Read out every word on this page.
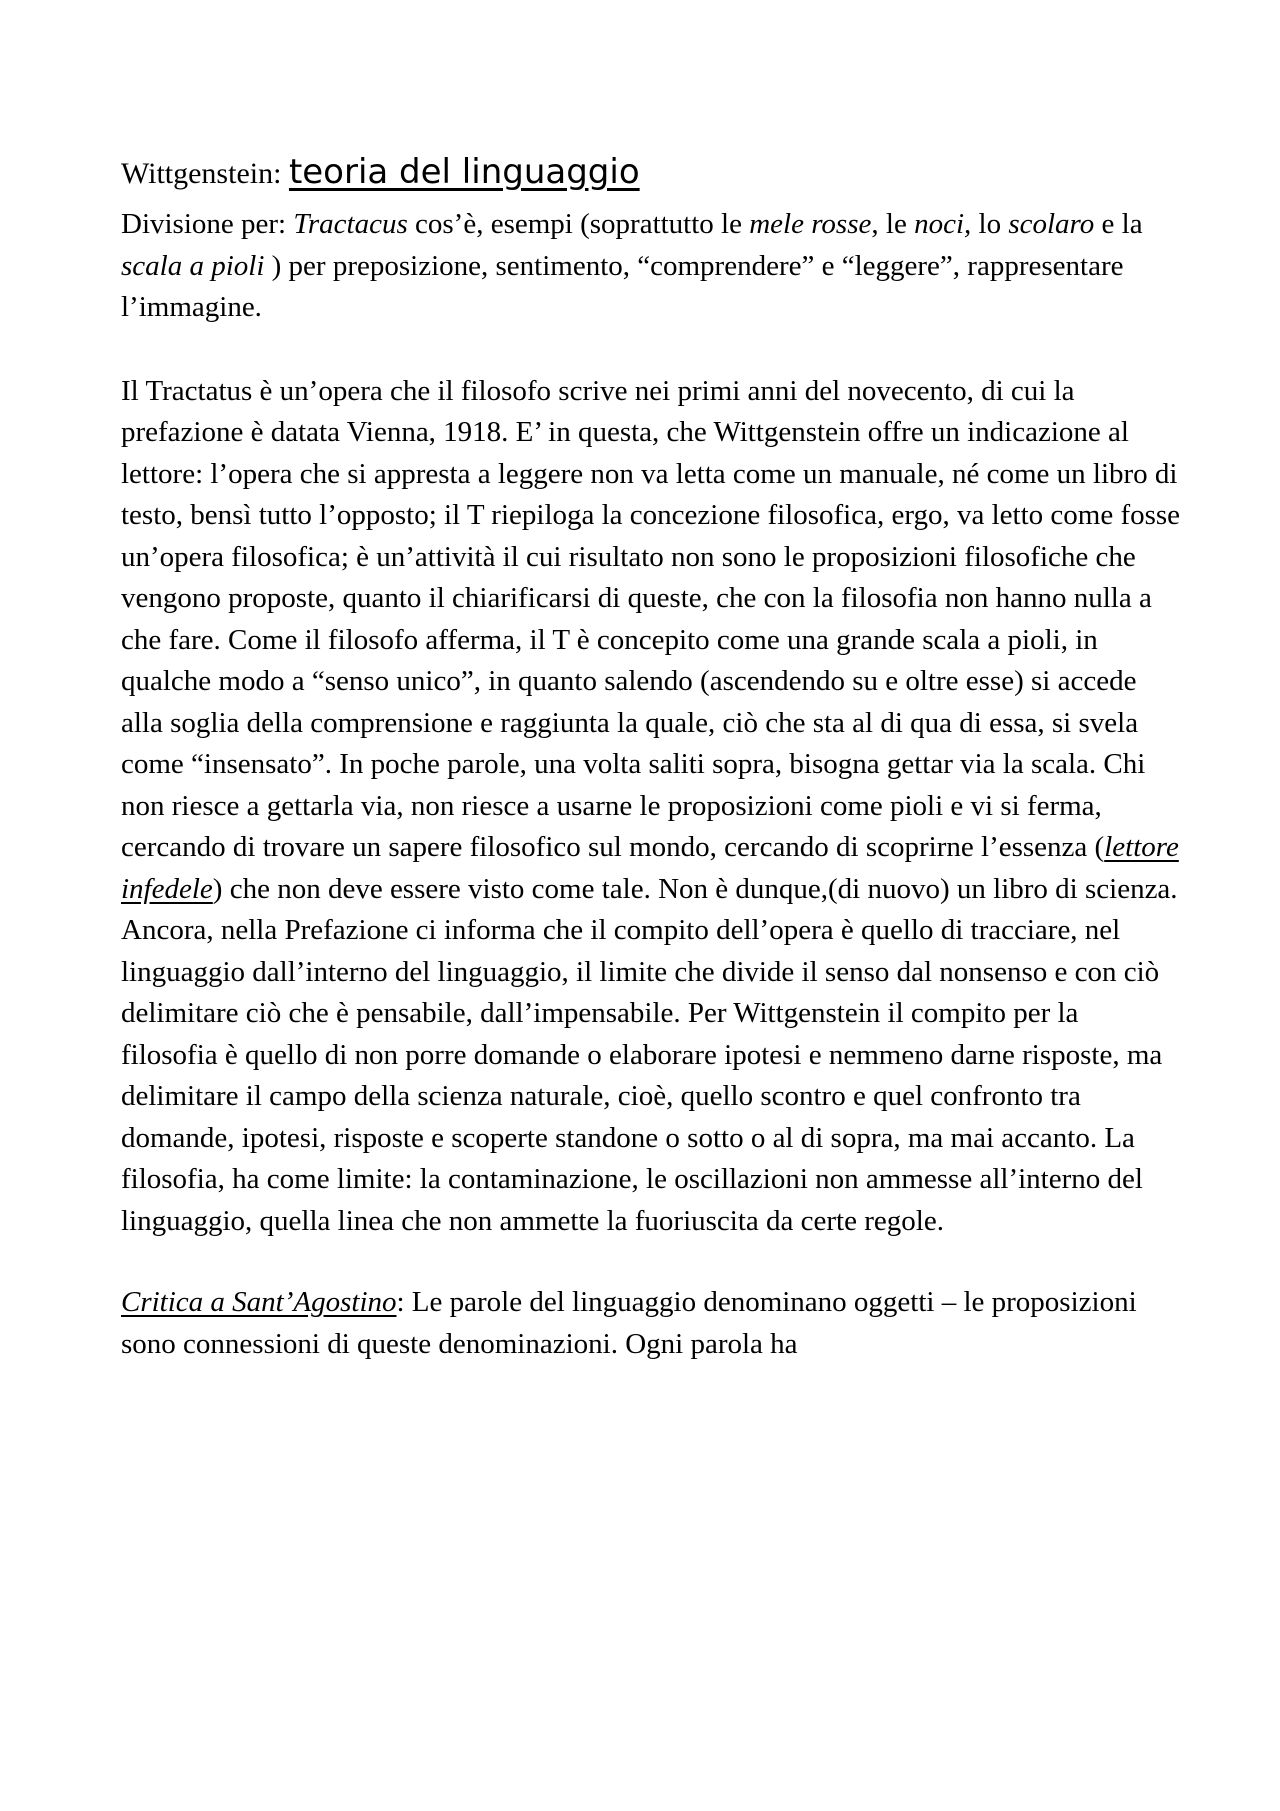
Wittgenstein: teoria del linguaggio

Divisione per: Tractacus cos’è, esempi (soprattutto le mele rosse, le noci, lo scolaro e la scala a pioli ) per preposizione, sentimento, “comprendere” e “leggere”, rappresentare l’immagine.

Il Tractatus è un’opera che il filosofo scrive nei primi anni del novecento, di cui la prefazione è datata Vienna, 1918. E’ in questa, che Wittgenstein offre un indicazione al lettore: l’opera che si appresta a leggere non va letta come un manuale, né come un libro di testo, bensì tutto l’opposto; il T riepiloga la concezione filosofica, ergo, va letto come fosse un’opera filosofica; è un’attività il cui risultato non sono le proposizioni filosofiche che vengono proposte, quanto il chiarificarsi di queste, che con la filosofia non hanno nulla a che fare. Come il filosofo afferma, il T è concepito come una grande scala a pioli, in qualche modo a “senso unico”, in quanto salendo (ascendendo su e oltre esse) si accede alla soglia della comprensione e raggiunta la quale, ciò che sta al di qua di essa, si svela come “insensato”. In poche parole, una volta saliti sopra, bisogna gettar via la scala. Chi non riesce a gettarla via, non riesce a usarne le proposizioni come pioli e vi si ferma, cercando di trovare un sapere filosofico sul mondo, cercando di scoprirne l’essenza (lettore infedele) che non deve essere visto come tale. Non è dunque,(di nuovo) un libro di scienza.

Ancora, nella Prefazione ci informa che il compito dell’opera è quello di tracciare, nel linguaggio dall’interno del linguaggio, il limite che divide il senso dal nonsenso e con ciò delimitare ciò che è pensabile, dall’impensabile. Per Wittgenstein il compito per la filosofia è quello di non porre domande o elaborare ipotesi e nemmeno darne risposte, ma delimitare il campo della scienza naturale, cioè, quello scontro e quel confronto tra domande, ipotesi, risposte e scoperte standone o sotto o al di sopra, ma mai accanto. La filosofia, ha come limite: la contaminazione, le oscillazioni non ammesse all’interno del linguaggio, quella linea che non ammette la fuoriuscita da certe regole.

Critica a Sant’Agostino: Le parole del linguaggio denominano oggetti – le proposizioni sono connessioni di queste denominazioni. Ogni parola ha
